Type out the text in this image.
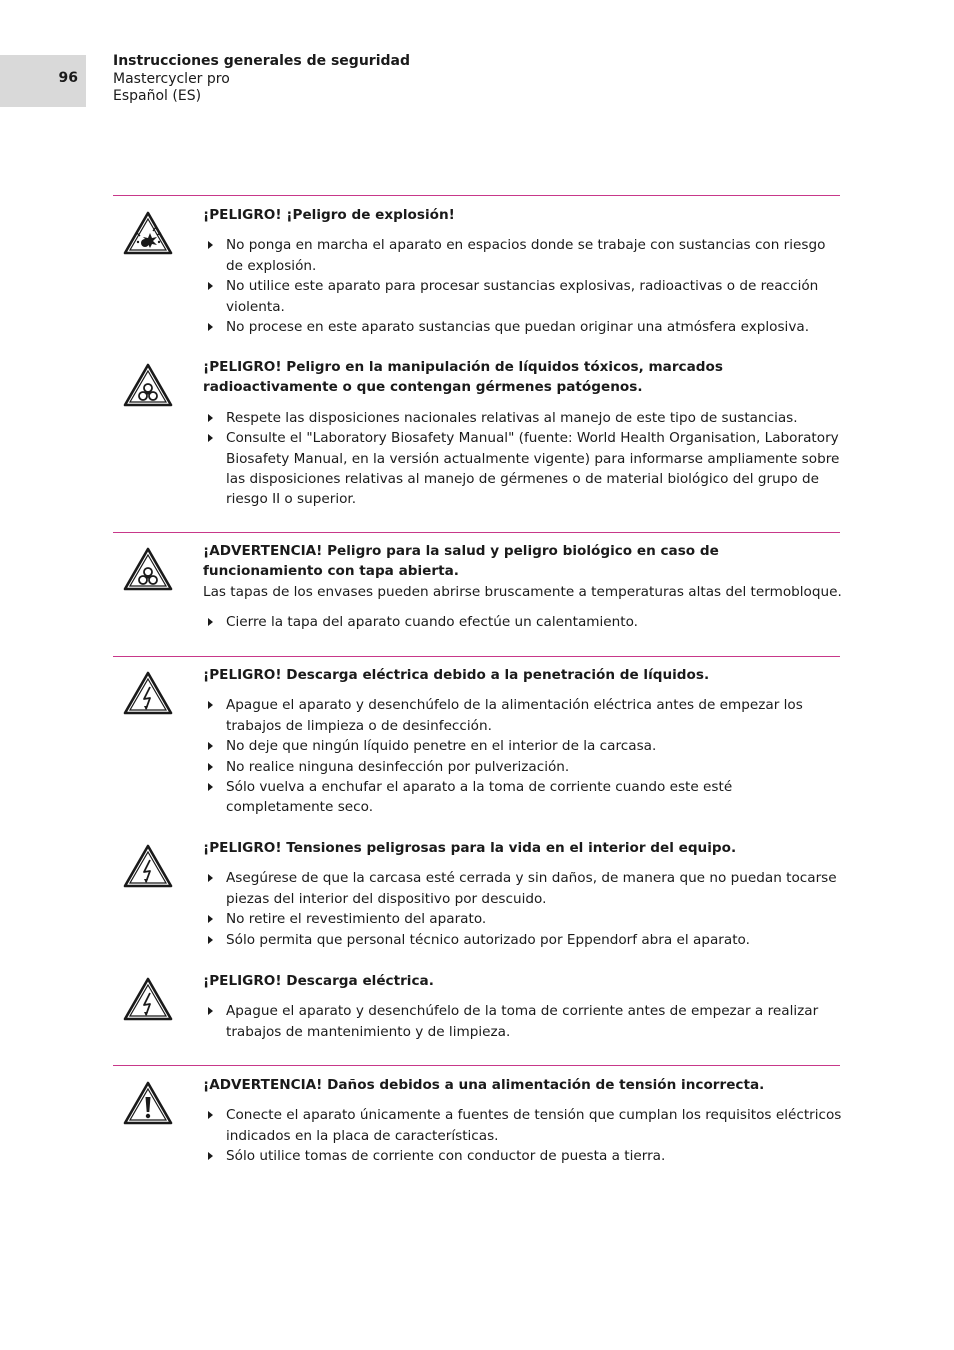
96
Instrucciones generales de seguridad
Mastercycler pro
Español (ES)
¡PELIGRO! ¡Peligro de explosión!
No ponga en marcha el aparato en espacios donde se trabaje con sustancias con riesgo de explosión.
No utilice este aparato para procesar sustancias explosivas, radioactivas o de reacción violenta.
No procese en este aparato sustancias que puedan originar una atmósfera explosiva.
¡PELIGRO! Peligro en la manipulación de líquidos tóxicos, marcados radioactivamente o que contengan gérmenes patógenos.
Respete las disposiciones nacionales relativas al manejo de este tipo de sustancias.
Consulte el "Laboratory Biosafety Manual" (fuente: World Health Organisation, Laboratory Biosafety Manual, en la versión actualmente vigente) para informarse ampliamente sobre las disposiciones relativas al manejo de gérmenes o de material biológico del grupo de riesgo II o superior.
¡ADVERTENCIA! Peligro para la salud y peligro biológico en caso de funcionamiento con tapa abierta.
Las tapas de los envases pueden abrirse bruscamente a temperaturas altas del termobloque.
Cierre la tapa del aparato cuando efectúe un calentamiento.
¡PELIGRO! Descarga eléctrica debido a la penetración de líquidos.
Apague el aparato y desenchúfelo de la alimentación eléctrica antes de empezar los trabajos de limpieza o de desinfección.
No deje que ningún líquido penetre en el interior de la carcasa.
No realice ninguna desinfección por pulverización.
Sólo vuelva a enchufar el aparato a la toma de corriente cuando este esté completamente seco.
¡PELIGRO! Tensiones peligrosas para la vida en el interior del equipo.
Asegúrese de que la carcasa esté cerrada y sin daños, de manera que no puedan tocarse piezas del interior del dispositivo por descuido.
No retire el revestimiento del aparato.
Sólo permita que personal técnico autorizado por Eppendorf abra el aparato.
¡PELIGRO! Descarga eléctrica.
Apague el aparato y desenchúfelo de la toma de corriente antes de empezar a realizar trabajos de mantenimiento y de limpieza.
¡ADVERTENCIA! Daños debidos a una alimentación de tensión incorrecta.
Conecte el aparato únicamente a fuentes de tensión que cumplan los requisitos eléctricos indicados en la placa de características.
Sólo utilice tomas de corriente con conductor de puesta a tierra.
